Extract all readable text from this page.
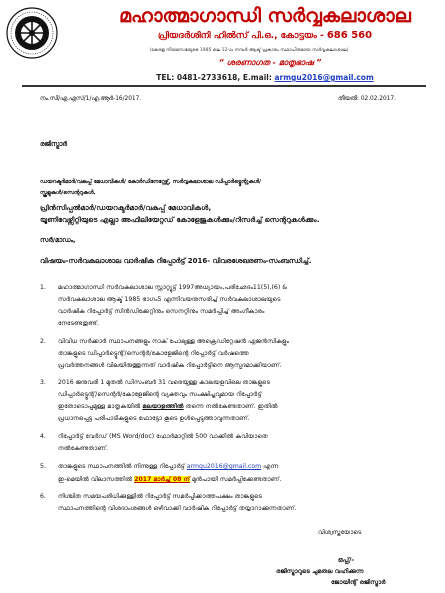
മഹാത്മാഗാന്ധി സർവ്വകലാശാല
പ്രിയദർശിനി ഹിൽസ് പി.ഒ., കോട്ടയം - 686 560
(കേരള നിയമസഭയുടെ 1985 ലെ 12-ാം നമ്പർ ആക്ട് പ്രകാരം സ്ഥാപിതമായ സർവ്വകലാശാല)
“ ശരണാഗത - മാതൃഭാഷ ”
TEL: 0481-2733618, E.mail: armgu2016@gmail.com
നം.സി/എ.എസ്/1/എ.ആർ-16/2017.	തീയതി: 02.02.2017.
രജിസ്ട്രാർ
ഡയറക്ടർമാർ/വകുപ്പ് മേധാവികൾ/ കോർഡിനേറ്റേഴ്സ്, സർവ്വകലാശാല ഡിപ്പാർട്ട്മെന്റുകൾ/
സ്കൂളുകൾ/സെന്ററുകൾ.
പ്രിൻസിപ്പൽമാർ/ഡയറക്ടർമാർ/വകുപ്പ് മേധാവികൾ,
യൂണിവേഴ്സിറ്റിയുടെ എല്ലാ അഫിലിയേറ്റഡ് കോളേജുകൾക്കും/റിസർച്ച് സെന്ററുകൾക്കും.
സർ/മാഡം,
വിഷയം-സർവകലാശാല വാർഷിക റിപ്പോർട്ട് 2016- വിവരശേഖരണം-സംബന്ധിച്ച്.
1. മഹാത്മാഗാന്ധി സർവകലാശാല സ്റ്റാറ്റ്യൂട്ട് 1997അധ്യായം,പരിഛേദം11(5),(6) &
സർവകലാശാല ആക്ട് 1985 ഭാഗം5 എന്നിവയനുസരിച്ച് സർവകലാശാലയുടെ
വാർഷിക റിപ്പോർട്ട് സിൻഡിക്കേറ്റിനും സെനറ്റിനും സമർപ്പിച്ച് അംഗീകാരം
നേടേണ്ടതുണ്ട്.
2. വിവിധ സർക്കാർ സ്ഥാപനങ്ങളും നാക് പോലുള്ള അക്രെഡിറ്റേഷൻ ഏജൻസികളും
താങ്കളുടെ ഡിപ്പാർട്ട്മെന്റ്/സെന്റർ/കോളേജിന്റെ റിപ്പോർട്ട് വർഷത്തെ
പ്രവർത്തനങ്ങൾ വിലയിരുത്തുന്നത് വാർഷിക റിപ്പോർട്ടിനെ ആസ്പദമാക്കിയാണ്.
3. 2016 ജനുവരി 1 മുതൽ ഡിസംബർ 31 വരെയുള്ള കാലയളവിലെ താങ്കളുടെ
ഡിപ്പാർട്ട്മെന്റ്/സെന്റർ/കോളേജിന്റെ വ്യക്തവും സംക്ഷിപ്തവുമായ റിപ്പോർട്ട്
ഇതോടൊപ്പമുള്ള മാതൃകയിൽ മലയാളത്തിൽ തന്നെ നൽകേണ്ടതാണ്. ഇതിൽ
പ്രധാനപ്പെട്ട പരിപാടികളുടെ ഫോട്ടോ കൂടെ ഉൾപ്പെടുത്താവുന്നതാണ്.
4. റിപ്പോർട്ട് വേർഡ് (MS Word/doc) ഫോർമാറ്റിൽ 500 വാക്കിൽ കവിയാതെ
നൽകേണ്ടതാണ്.
5. താങ്കളുടെ സ്ഥാപനത്തിൽ നിന്നുള്ള റിപ്പോർട്ട് armgu2016@gmail.com എന്ന
ഇ-മെയിൽ വിലാസത്തിൽ 2017 മാർച്ച് 08 ന് മുൻപായി സമർപ്പിക്കേണ്ടതാണ്.
6. നിശ്ചിത സമയപരിധിക്കുള്ളിൽ റിപ്പോർട്ട് സമർപ്പിക്കാത്തപക്ഷം താങ്കളുടെ
സ്ഥാപനത്തിന്റെ വിശദാംശങ്ങൾ ഒഴിവാക്കി വാർഷിക റിപ്പോർട്ട് തയ്യാറാക്കുന്നതാണ്.
വിശ്വസ്തയോടെ
ഒപ്പ്/-
രജിസ്ട്രാറുടെ ചുമതല വഹിക്കുന്ന
ജോയിന്റ് രജിസ്ട്രാർ
